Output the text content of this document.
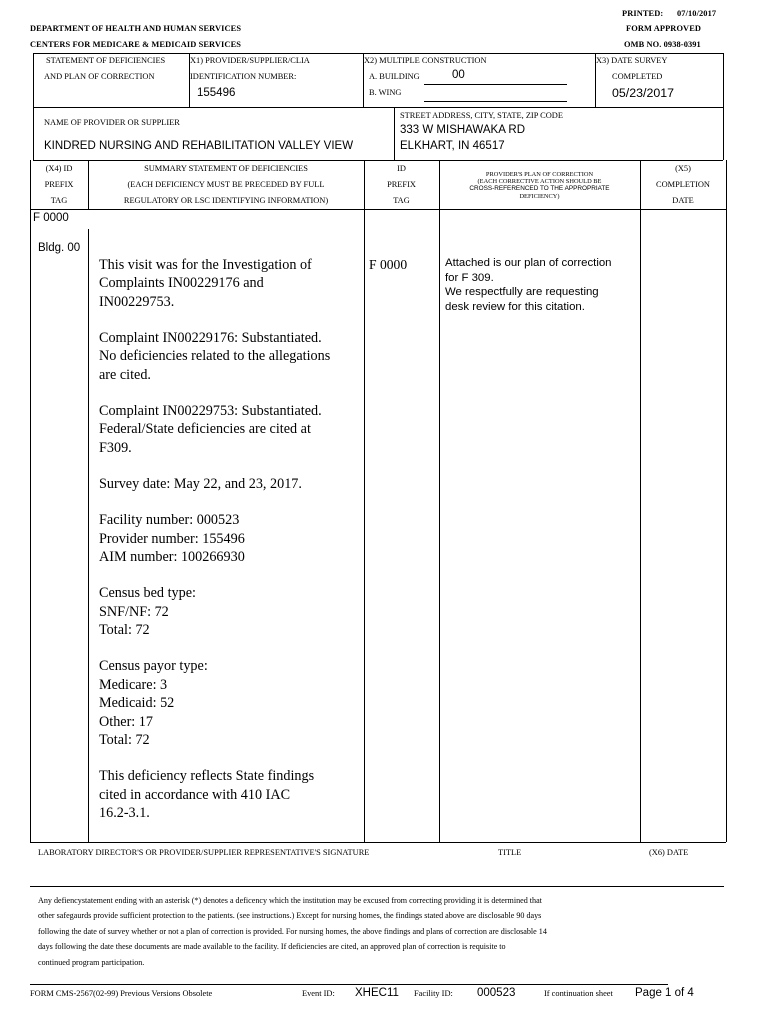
PRINTED: 07/10/2017
FORM APPROVED
OMB NO. 0938-0391
DEPARTMENT OF HEALTH AND HUMAN SERVICES
CENTERS FOR MEDICARE & MEDICAID SERVICES
STATEMENT OF DEFICIENCIES
AND PLAN OF CORRECTION
X1) PROVIDER/SUPPLIER/CLIA
IDENTIFICATION NUMBER:
155496
X2) MULTIPLE CONSTRUCTION
A. BUILDING	00
B. WING
X3) DATE SURVEY
COMPLETED
05/23/2017
NAME OF PROVIDER OR SUPPLIER
KINDRED NURSING AND REHABILITATION VALLEY VIEW
STREET ADDRESS, CITY, STATE, ZIP CODE
333 W MISHAWAKA RD
ELKHART, IN 46517
(X4) ID
PREFIX
TAG
SUMMARY STATEMENT OF DEFICIENCIES
(EACH DEFICIENCY MUST BE PRECEDED BY FULL
REGULATORY OR LSC IDENTIFYING INFORMATION)
ID
PREFIX
TAG
PROVIDER'S PLAN OF CORRECTION
(EACH CORRECTIVE ACTION SHOULD BE
CROSS-REFERENCED TO THE APPROPRIATE
DEFICIENCY)
(X5)
COMPLETION
DATE
F 0000
Bldg. 00
This visit was for the Investigation of
Complaints IN00229176 and
IN00229753.
Complaint IN00229176: Substantiated.
No deficiencies related to the allegations
are cited.
Complaint IN00229753: Substantiated.
Federal/State deficiencies are cited at
F309.
Survey date: May 22, and 23, 2017.
Facility number: 000523
Provider number: 155496
AIM number: 100266930
Census bed type:
SNF/NF: 72
Total: 72
Census payor type:
Medicare: 3
Medicaid: 52
Other: 17
Total: 72
This deficiency reflects State findings
cited in accordance with 410 IAC
16.2-3.1.
F 0000	Attached is our plan of correction
for F 309.
We respectfully are requesting
desk review for this citation.
LABORATORY DIRECTOR'S OR PROVIDER/SUPPLIER REPRESENTATIVE'S SIGNATURE	TITLE	(X6) DATE
Any defiencystatement ending with an asterisk (*) denotes a deficency which the institution may be excused from correcting providing it is determined that
other safegaurds provide sufficient protection to the patients. (see instructions.) Except for nursing homes, the findings stated above are disclosable 90 days
following the date of survey whether or not a plan of correction is provided. For nursing homes, the above findings and plans of correction are disclosable 14
days following the date these documents are made available to the facility. If deficiencies are cited, an approved plan of correction is requisite to
continued program participation.
FORM CMS-2567(02-99) Previous Versions Obsolete	Event ID: XHEC11 Facility ID: 000523	If continuation sheet Page 1 of 4
